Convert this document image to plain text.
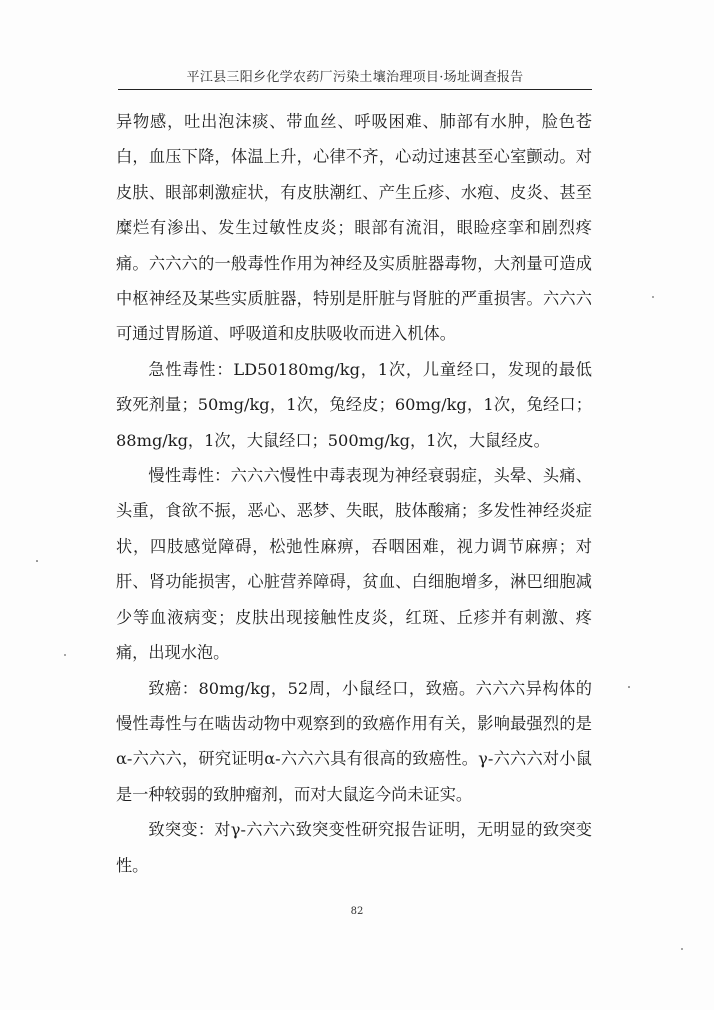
平江县三阳乡化学农药厂污染土壤治理项目·场址调查报告

异物感，吐出泡沫痰、带血丝、呼吸困难、肺部有水肿，脸色苍白，血压下降，体温上升，心律不齐，心动过速甚至心室颤动。对皮肤、眼部刺激症状，有皮肤潮红、产生丘疹、水疱、皮炎、甚至糜烂有渗出、发生过敏性皮炎；眼部有流泪，眼睑痉挛和剧烈疼痛。六六六的一般毒性作用为神经及实质脏器毒物，大剂量可造成中枢神经及某些实质脏器，特别是肝脏与肾脏的严重损害。六六六可通过胃肠道、呼吸道和皮肤吸收而进入机体。

急性毒性：LD50180mg/kg，1次，儿童经口，发现的最低致死剂量；50mg/kg，1次，兔经皮；60mg/kg，1次，兔经口；88mg/kg，1次，大鼠经口；500mg/kg，1次，大鼠经皮。

慢性毒性：六六六慢性中毒表现为神经衰弱症，头晕、头痛、头重，食欲不振，恶心、恶梦、失眠，肢体酸痛；多发性神经炎症状，四肢感觉障碍，松弛性麻痹，吞咽困难，视力调节麻痹；对肝、肾功能损害，心脏营养障碍，贫血、白细胞增多，淋巴细胞减少等血液病变；皮肤出现接触性皮炎，红斑、丘疹并有刺激、疼痛，出现水泡。

致癌：80mg/kg，52周，小鼠经口，致癌。六六六异构体的慢性毒性与在啮齿动物中观察到的致癌作用有关，影响最强烈的是α-六六六，研究证明α-六六六具有很高的致癌性。γ-六六六对小鼠是一种较弱的致肿瘤剂，而对大鼠迄今尚未证实。

致突变：对γ-六六六致突变性研究报告证明，无明显的致突变性。

82
